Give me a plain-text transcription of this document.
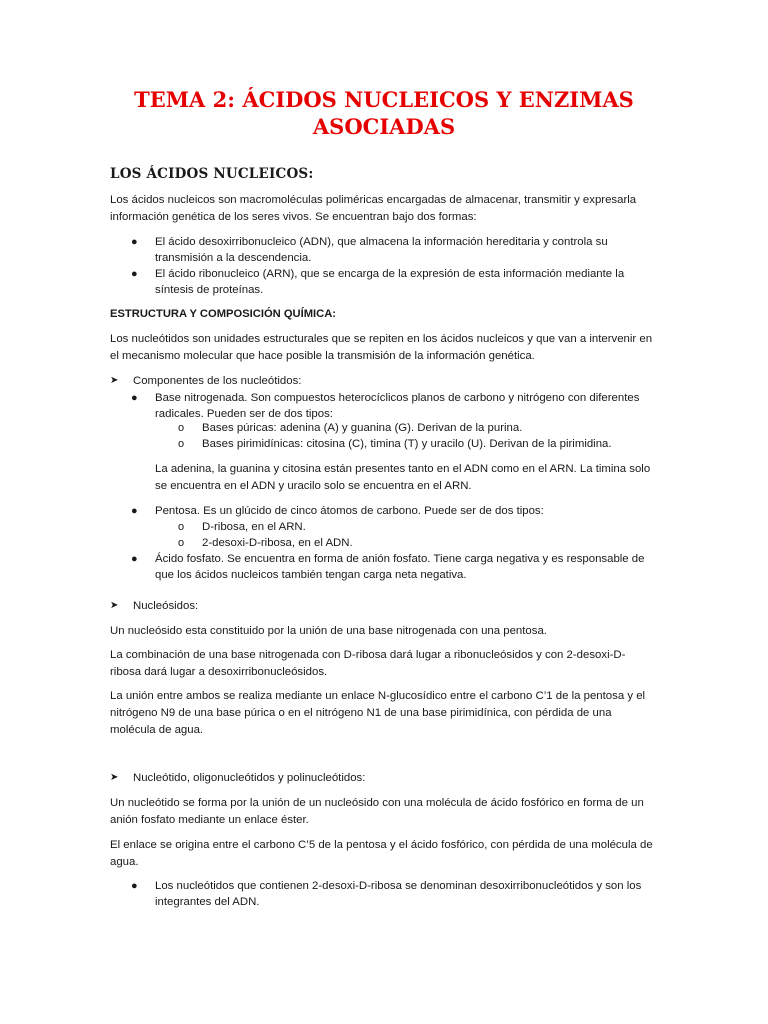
TEMA 2: ÁCIDOS NUCLEICOS Y ENZIMAS ASOCIADAS
LOS ÁCIDOS NUCLEICOS:

Los ácidos nucleicos son macromoléculas poliméricas encargadas de almacenar, transmitir y expresarla información genética de los seres vivos. Se encuentran bajo dos formas:

● El ácido desoxirribonucleico (ADN), que almacena la información hereditaria y controla su transmisión a la descendencia.

● El ácido ribonucleico (ARN), que se encarga de la expresión de esta información mediante la síntesis de proteínas.

ESTRUCTURA Y COMPOSICIÓN QUÍMICA:

Los nucleótidos son unidades estructurales que se repiten en los ácidos nucleicos y que van a intervenir en el mecanismo molecular que hace posible la transmisión de la información genética.

➤ Componentes de los nucleótidos:
● Base nitrogenada. Son compuestos heterocíclicos planos de carbono y nitrógeno con diferentes radicales. Pueden ser de dos tipos:

o Bases púricas: adenina (A) y guanina (G). Derivan de la purina.
o Bases pirimidínicas: citosina (C), timina (T) y uracilo (U). Derivan de la pirimidina.

La adenina, la guanina y citosina están presentes tanto en el ADN como en el ARN. La timina solo se encuentra en el ADN y uracilo solo se encuentra en el ARN.

● Pentosa. Es un glúcido de cinco átomos de carbono. Puede ser de dos tipos:

o D-ribosa, en el ARN.
o 2-desoxi-D-ribosa, en el ADN.
● Ácido fosfato. Se encuentra en forma de anión fosfato. Tiene carga negativa y es responsable de que los ácidos nucleicos también tengan carga neta negativa.

➤ Nucleósidos:

Un nucleósido esta constituido por la unión de una base nitrogenada con una pentosa.

La combinación de una base nitrogenada con D-ribosa dará lugar a ribonucleósidos y con 2-desoxi-D-ribosa dará lugar a desoxirribonucleósidos.

La unión entre ambos se realiza mediante un enlace N-glucosídico entre el carbono C’1 de la pentosa y el nitrógeno N9 de una base púrica o en el nitrógeno N1 de una base pirimidínica, con pérdida de una molécula de agua.

➤ Nucleótido, oligonucleótidos y polinucleótidos:

Un nucleótido se forma por la unión de un nucleósido con una molécula de ácido fosfórico en forma de un anión fosfato mediante un enlace éster.

El enlace se origina entre el carbono C’5 de la pentosa y el ácido fosfórico, con pérdida de una molécula de agua.

● Los nucleótidos que contienen 2-desoxi-D-ribosa se denominan desoxirribonucleótidos y son los integrantes del ADN.
